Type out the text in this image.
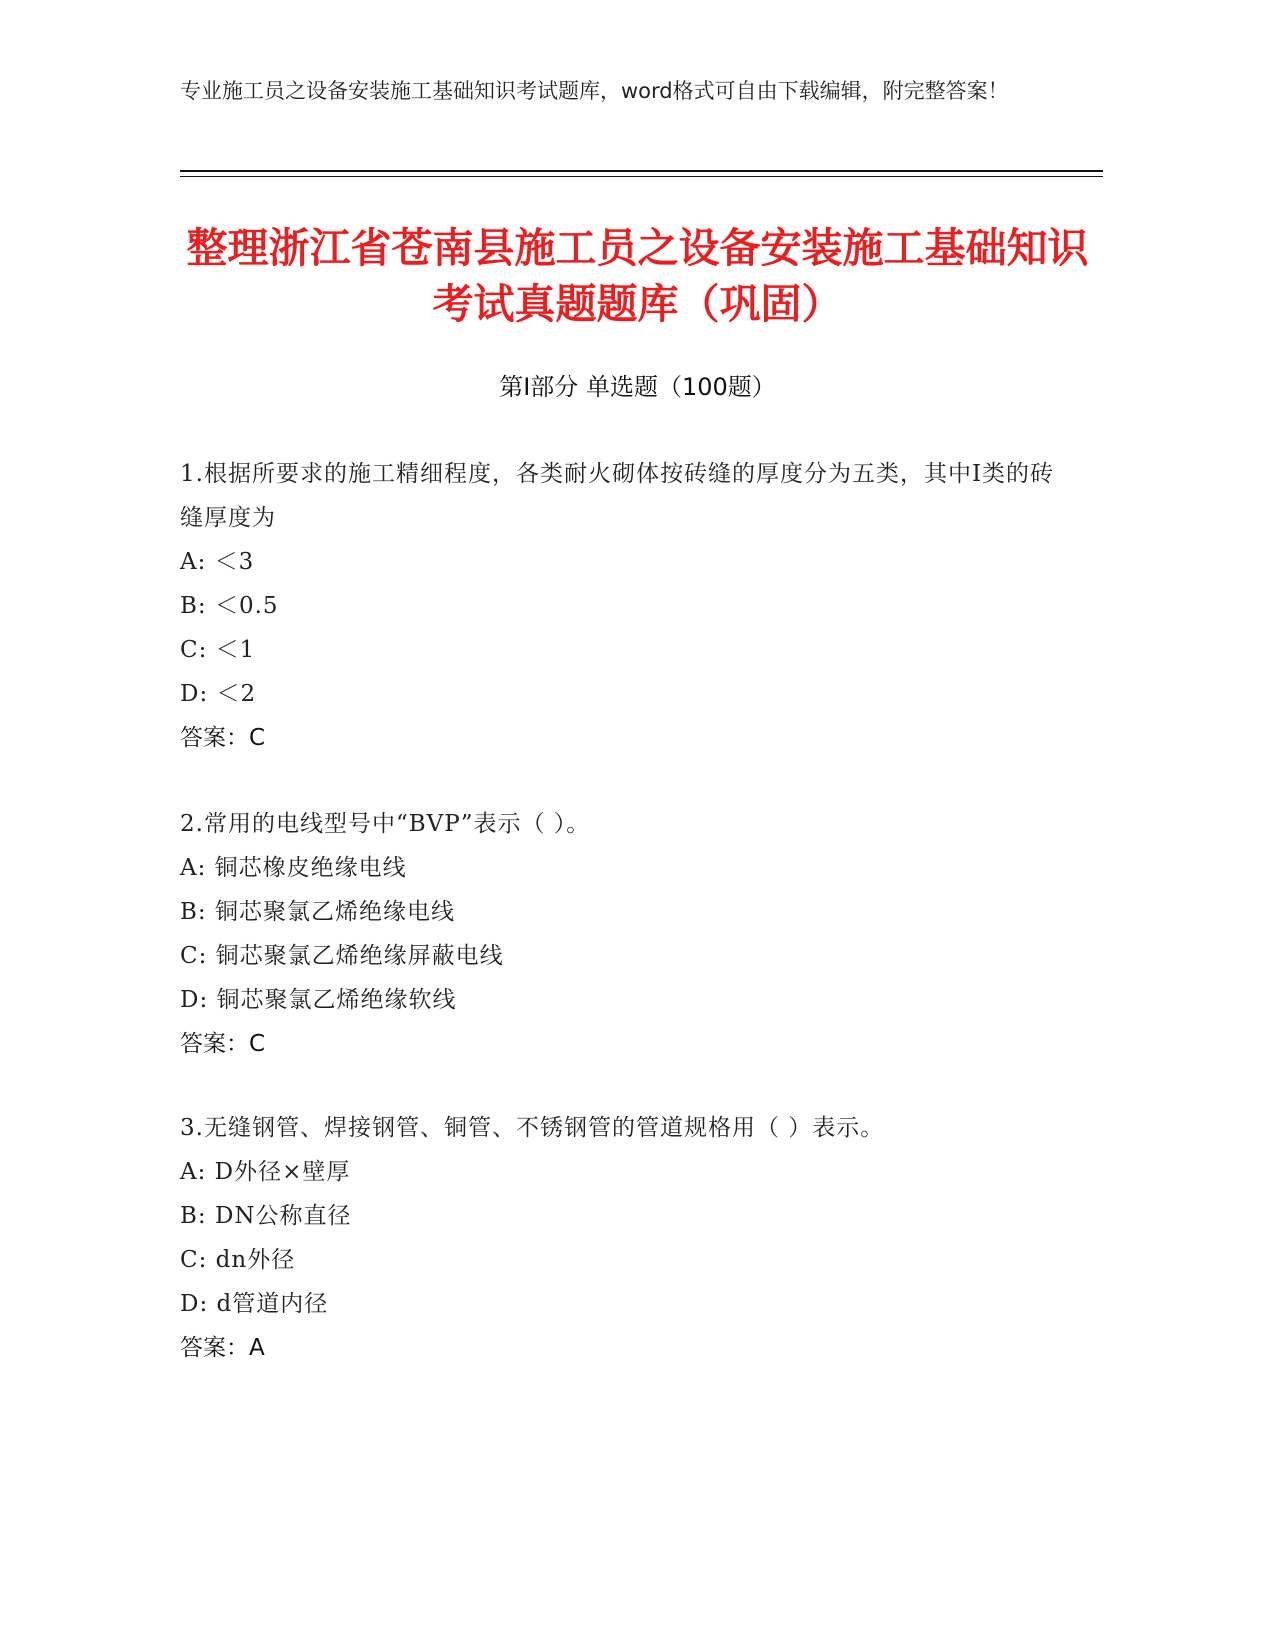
专业施工员之设备安装施工基础知识考试题库，word格式可自由下载编辑，附完整答案！
整理浙江省苍南县施工员之设备安装施工基础知识考试真题题库（巩固）
第I部分 单选题（100题）
1.根据所要求的施工精细程度，各类耐火砌体按砖缝的厚度分为五类，其中I类的砖缝厚度为
A: ＜3
B: ＜0.5
C: ＜1
D: ＜2
答案：C
2.常用的电线型号中“BVP”表示（ ）。
A: 铜芯橡皮绝缘电线
B: 铜芯聚氯乙烯绝缘电线
C: 铜芯聚氯乙烯绝缘屏蔽电线
D: 铜芯聚氯乙烯绝缘软线
答案：C
3.无缝钢管、焊接钢管、铜管、不锈钢管的管道规格用（ ）表示。
A: D外径×壁厚
B: DN公称直径
C: dn外径
D: d管道内径
答案：A
